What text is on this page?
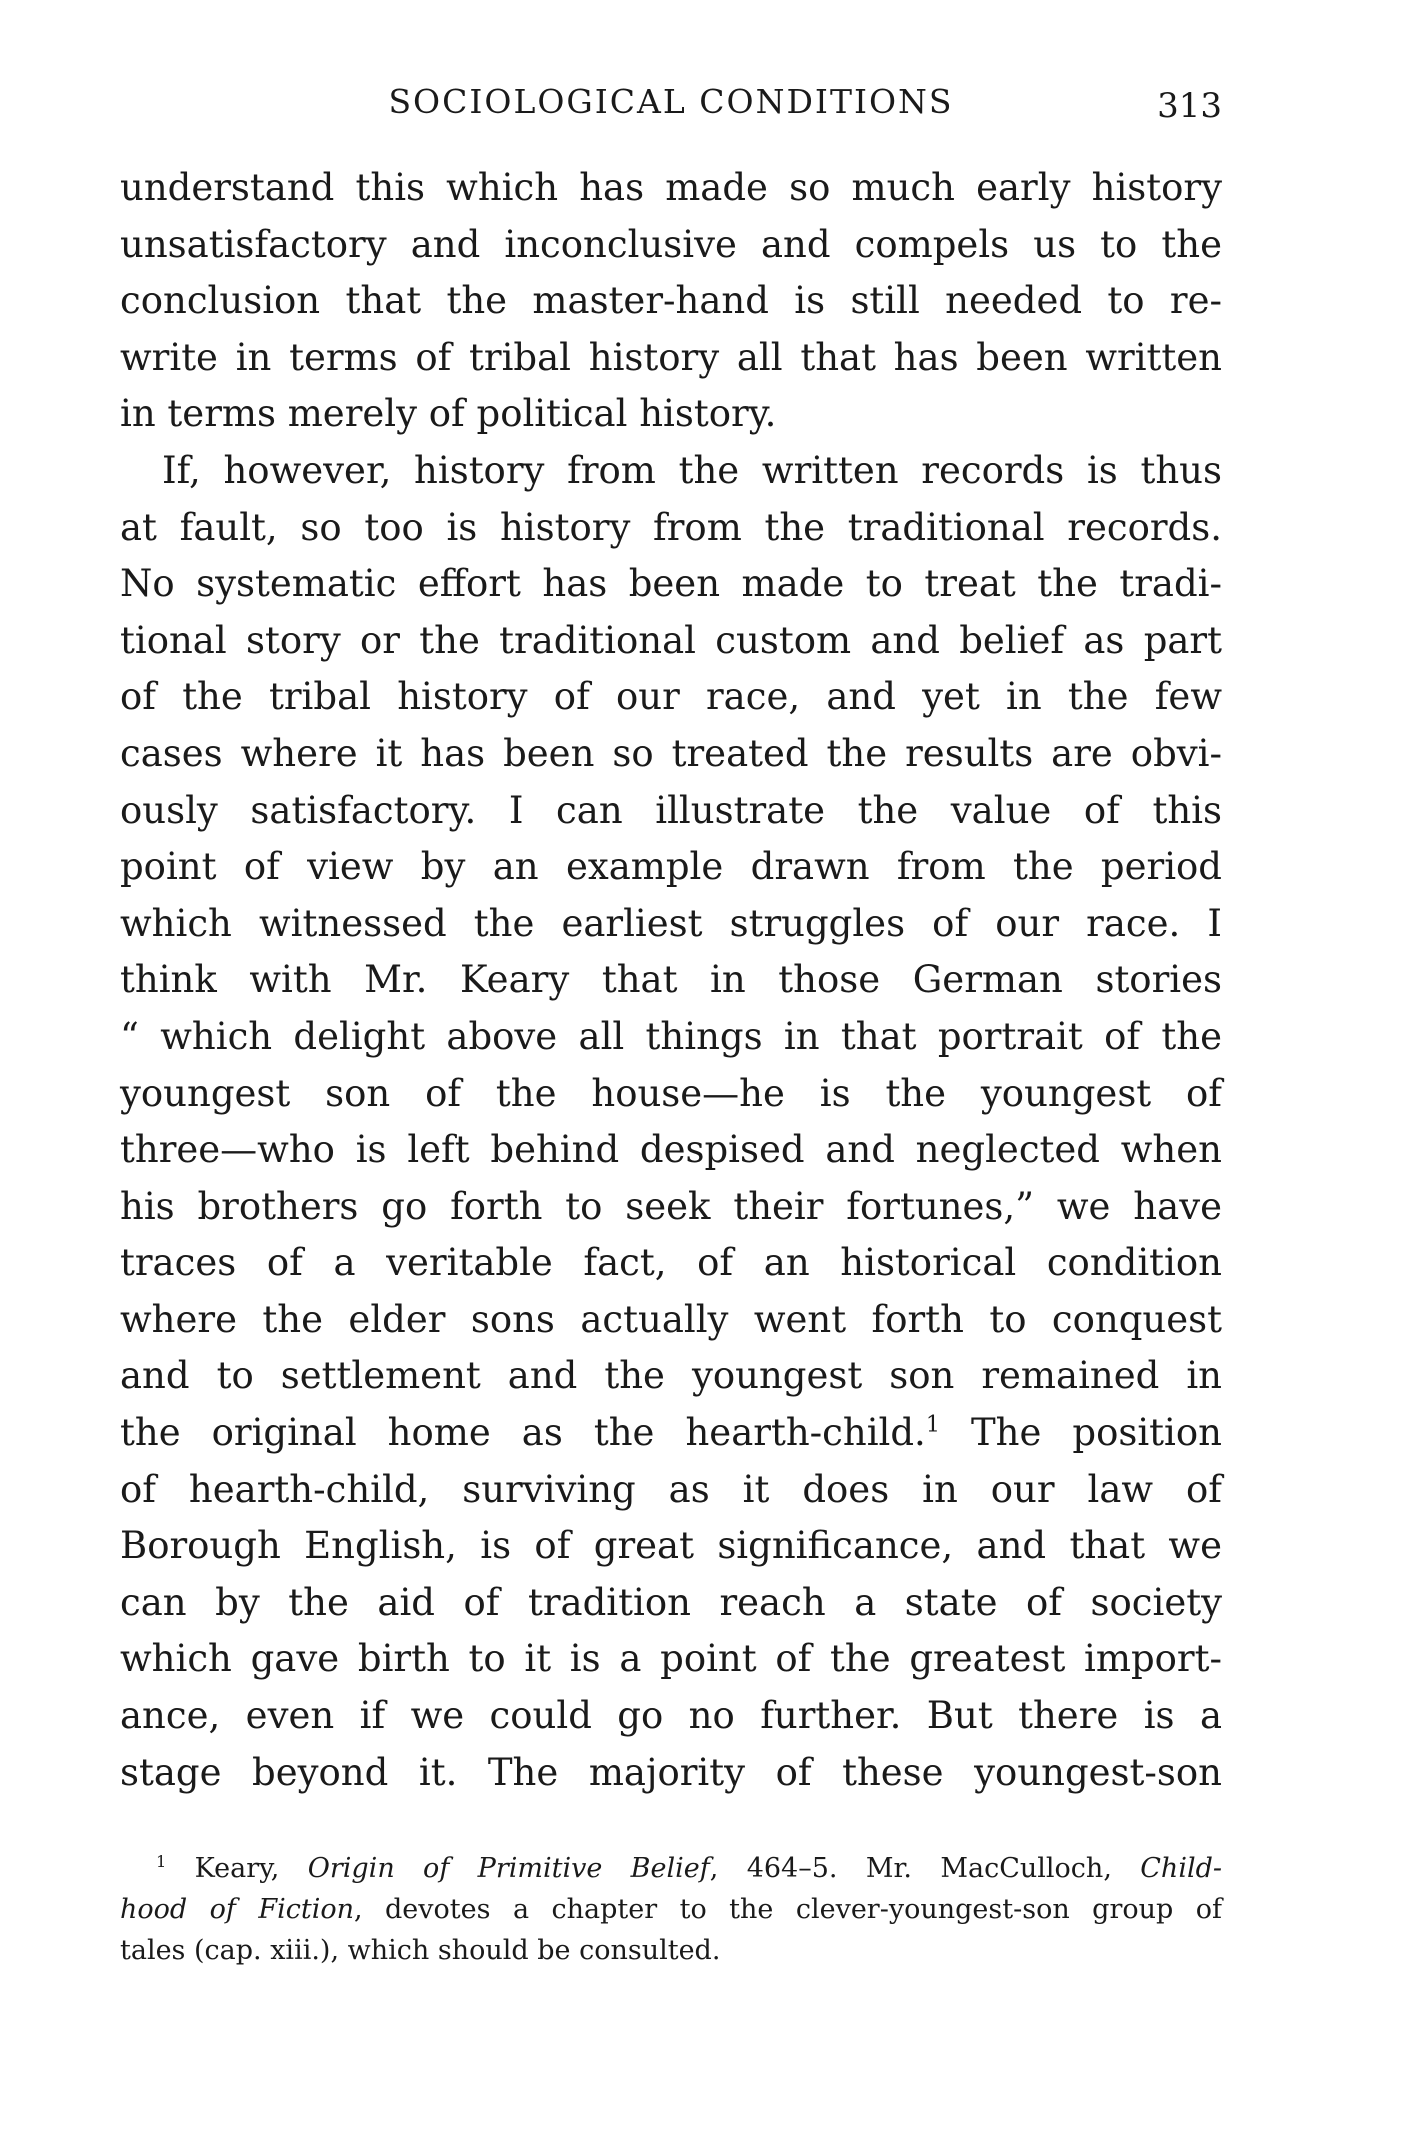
SOCIOLOGICAL CONDITIONS	313
understand this which has made so much early history
unsatisfactory and inconclusive and compels us to the
conclusion that the master-hand is still needed to re-
write in terms of tribal history all that has been written
in terms merely of political history.
If, however, history from the written records is thus
at fault, so too is history from the traditional records.
No systematic effort has been made to treat the tradi-
tional story or the traditional custom and belief as part
of the tribal history of our race, and yet in the few
cases where it has been so treated the results are obvi-
ously satisfactory. I can illustrate the value of this
point of view by an example drawn from the period
which witnessed the earliest struggles of our race. I
think with Mr. Keary that in those German stories
“ which delight above all things in that portrait of the
youngest son of the house—he is the youngest of
three—who is left behind despised and neglected when
his brothers go forth to seek their fortunes,” we have
traces of a veritable fact, of an historical condition
where the elder sons actually went forth to conquest
and to settlement and the youngest son remained in
the original home as the hearth-child.$^1$ The position
of hearth-child, surviving as it does in our law of
Borough English, is of great significance, and that we
can by the aid of tradition reach a state of society
which gave birth to it is a point of the greatest import-
ance, even if we could go no further. But there is a
stage beyond it. The majority of these youngest-son
$^1$ Keary, Origin of Primitive Belief, 464–5. Mr. MacCulloch, Child-
hood of Fiction, devotes a chapter to the clever-youngest-son group of
tales (cap. xiii.), which should be consulted.
